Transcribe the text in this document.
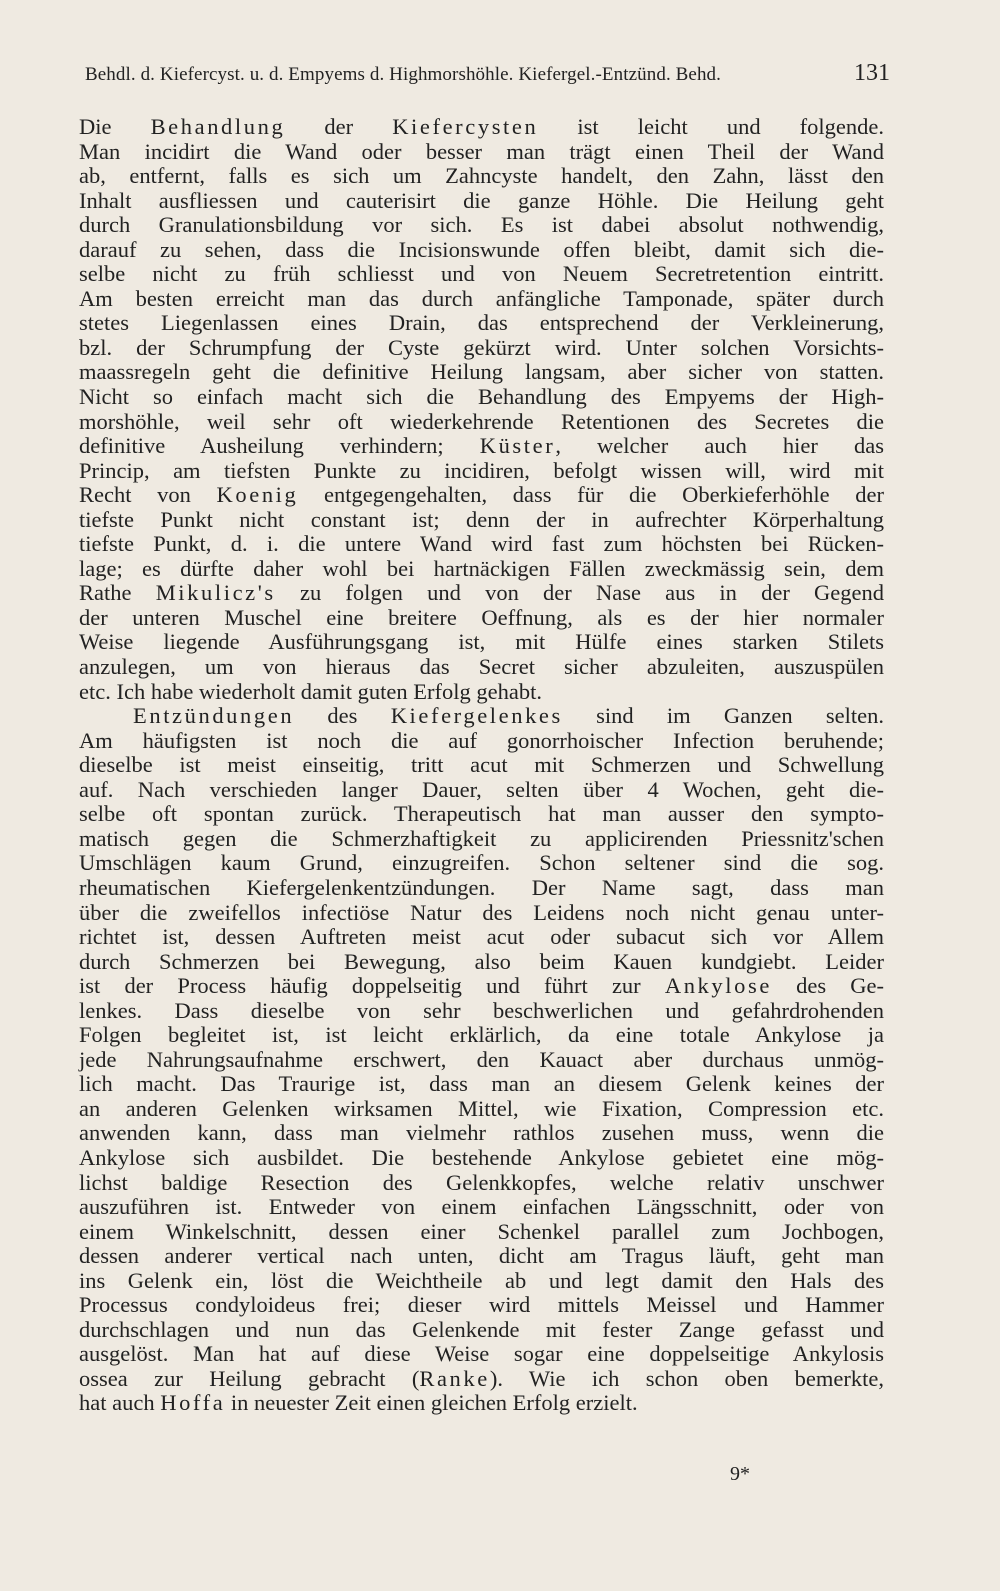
Behdl. d. Kiefercyst. u. d. Empyems d. Highmorshöhle. Kiefergel.-Entzünd. Behd.	131
Die Behandlung der Kiefercysten ist leicht und folgende.
Man incidirt die Wand oder besser man trägt einen Theil der Wand
ab, entfernt, falls es sich um Zahncyste handelt, den Zahn, lässt den
Inhalt ausfliessen und cauterisirt die ganze Höhle. Die Heilung geht
durch Granulationsbildung vor sich. Es ist dabei absolut nothwendig,
darauf zu sehen, dass die Incisionswunde offen bleibt, damit sich die-
selbe nicht zu früh schliesst und von Neuem Secretretention eintritt.
Am besten erreicht man das durch anfängliche Tamponade, später durch
stetes Liegenlassen eines Drain, das entsprechend der Verkleinerung,
bzl. der Schrumpfung der Cyste gekürzt wird. Unter solchen Vorsichts-
maassregeln geht die definitive Heilung langsam, aber sicher von statten.
Nicht so einfach macht sich die Behandlung des Empyems der High-
morshöhle, weil sehr oft wiederkehrende Retentionen des Secretes die
definitive Ausheilung verhindern; Küster, welcher auch hier das
Princip, am tiefsten Punkte zu incidiren, befolgt wissen will, wird mit
Recht von Koenig entgegengehalten, dass für die Oberkieferhöhle der
tiefste Punkt nicht constant ist; denn der in aufrechter Körperhaltung
tiefste Punkt, d. i. die untere Wand wird fast zum höchsten bei Rücken-
lage; es dürfte daher wohl bei hartnäckigen Fällen zweckmässig sein, dem
Rathe Mikulicz's zu folgen und von der Nase aus in der Gegend
der unteren Muschel eine breitere Oeffnung, als es der hier normaler
Weise liegende Ausführungsgang ist, mit Hülfe eines starken Stilets
anzulegen, um von hieraus das Secret sicher abzuleiten, auszuspülen
etc. Ich habe wiederholt damit guten Erfolg gehabt.
Entzündungen des Kiefergelenkes sind im Ganzen selten.
Am häufigsten ist noch die auf gonorrhoischer Infection beruhende;
dieselbe ist meist einseitig, tritt acut mit Schmerzen und Schwellung
auf. Nach verschieden langer Dauer, selten über 4 Wochen, geht die-
selbe oft spontan zurück. Therapeutisch hat man ausser den sympto-
matisch gegen die Schmerzhaftigkeit zu applicirenden Priessnitz'schen
Umschlägen kaum Grund, einzugreifen. Schon seltener sind die sog.
rheumatischen Kiefergelenkentzündungen. Der Name sagt, dass man
über die zweifellos infectiöse Natur des Leidens noch nicht genau unter-
richtet ist, dessen Auftreten meist acut oder subacut sich vor Allem
durch Schmerzen bei Bewegung, also beim Kauen kundgiebt. Leider
ist der Process häufig doppelseitig und führt zur Ankylose des Ge-
lenkes. Dass dieselbe von sehr beschwerlichen und gefahrdrohenden
Folgen begleitet ist, ist leicht erklärlich, da eine totale Ankylose ja
jede Nahrungsaufnahme erschwert, den Kauact aber durchaus unmög-
lich macht. Das Traurige ist, dass man an diesem Gelenk keines der
an anderen Gelenken wirksamen Mittel, wie Fixation, Compression etc.
anwenden kann, dass man vielmehr rathlos zusehen muss, wenn die
Ankylose sich ausbildet. Die bestehende Ankylose gebietet eine mög-
lichst baldige Resection des Gelenkkopfes, welche relativ unschwer
auszuführen ist. Entweder von einem einfachen Längsschnitt, oder von
einem Winkelschnitt, dessen einer Schenkel parallel zum Jochbogen,
dessen anderer vertical nach unten, dicht am Tragus läuft, geht man
ins Gelenk ein, löst die Weichtheile ab und legt damit den Hals des
Processus condyloideus frei; dieser wird mittels Meissel und Hammer
durchschlagen und nun das Gelenkende mit fester Zange gefasst und
ausgelöst. Man hat auf diese Weise sogar eine doppelseitige Ankylosis
ossea zur Heilung gebracht (Ranke). Wie ich schon oben bemerkte,
hat auch Hoffa in neuester Zeit einen gleichen Erfolg erzielt.
9*
